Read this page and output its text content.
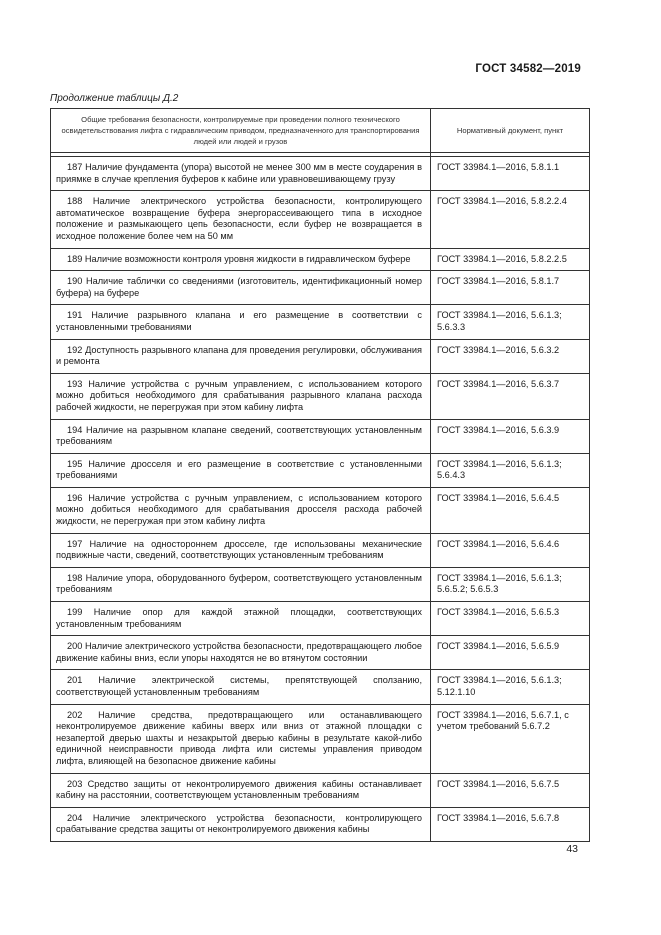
ГОСТ 34582—2019
Продолжение таблицы Д.2
Общие требования безопасности, контролируемые при проведении полного технического освидетельствования лифта с гидравлическим приводом, предназначенного для транспортирования людей или людей и грузов	Нормативный документ, пункт

187 Наличие фундамента (упора) высотой не менее 300 мм в месте соударения в приямке в случае крепления буферов к кабине или уравновешивающему грузу	ГОСТ 33984.1—2016, 5.8.1.1
188 Наличие электрического устройства безопасности, контролирующего автоматическое возвращение буфера энергорассеивающего типа в исходное положение и размыкающего цепь безопасности, если буфер не возвращается в исходное положение более чем на 50 мм	ГОСТ 33984.1—2016, 5.8.2.2.4
189 Наличие возможности контроля уровня жидкости в гидравлическом буфере	ГОСТ 33984.1—2016, 5.8.2.2.5
190 Наличие таблички со сведениями (изготовитель, идентификационный номер буфера) на буфере	ГОСТ 33984.1—2016, 5.8.1.7
191 Наличие разрывного клапана и его размещение в соответствии с установленными требованиями	ГОСТ 33984.1—2016, 5.6.1.3; 5.6.3.3
192 Доступность разрывного клапана для проведения регулировки, обслуживания и ремонта	ГОСТ 33984.1—2016, 5.6.3.2
193 Наличие устройства с ручным управлением, с использованием которого можно добиться необходимого для срабатывания разрывного клапана расхода рабочей жидкости, не перегружая при этом кабину лифта	ГОСТ 33984.1—2016, 5.6.3.7
194 Наличие на разрывном клапане сведений, соответствующих установленным требованиям	ГОСТ 33984.1—2016, 5.6.3.9
195 Наличие дросселя и его размещение в соответствие с установленными требованиями	ГОСТ 33984.1—2016, 5.6.1.3; 5.6.4.3
196 Наличие устройства с ручным управлением, с использованием которого можно добиться необходимого для срабатывания дросселя расхода рабочей жидкости, не перегружая при этом кабину лифта	ГОСТ 33984.1—2016, 5.6.4.5
197 Наличие на одностороннем дросселе, где использованы механические подвижные части, сведений, соответствующих установленным требованиям	ГОСТ 33984.1—2016, 5.6.4.6
198 Наличие упора, оборудованного буфером, соответствующего установленным требованиям	ГОСТ 33984.1—2016, 5.6.1.3; 5.6.5.2; 5.6.5.3
199 Наличие опор для каждой этажной площадки, соответствующих установленным требованиям	ГОСТ 33984.1—2016, 5.6.5.3
200 Наличие электрического устройства безопасности, предотвращающего любое движение кабины вниз, если упоры находятся не во втянутом состоянии	ГОСТ 33984.1—2016, 5.6.5.9
201 Наличие электрической системы, препятствующей сползанию, соответствующей установленным требованиям	ГОСТ 33984.1—2016, 5.6.1.3; 5.12.1.10
202 Наличие средства, предотвращающего или останавливающего неконтролируемое движение кабины вверх или вниз от этажной площадки с незапертой дверью шахты и незакрытой дверью кабины в результате какой-либо единичной неисправности привода лифта или системы управления приводом лифта, влияющей на безопасное движение кабины	ГОСТ 33984.1—2016, 5.6.7.1, с учетом требований 5.6.7.2
203 Средство защиты от неконтролируемого движения кабины останавливает кабину на расстоянии, соответствующем установленным требованиям	ГОСТ 33984.1—2016, 5.6.7.5
204 Наличие электрического устройства безопасности, контролирующего срабатывание средства защиты от неконтролируемого движения кабины	ГОСТ 33984.1—2016, 5.6.7.8
43
